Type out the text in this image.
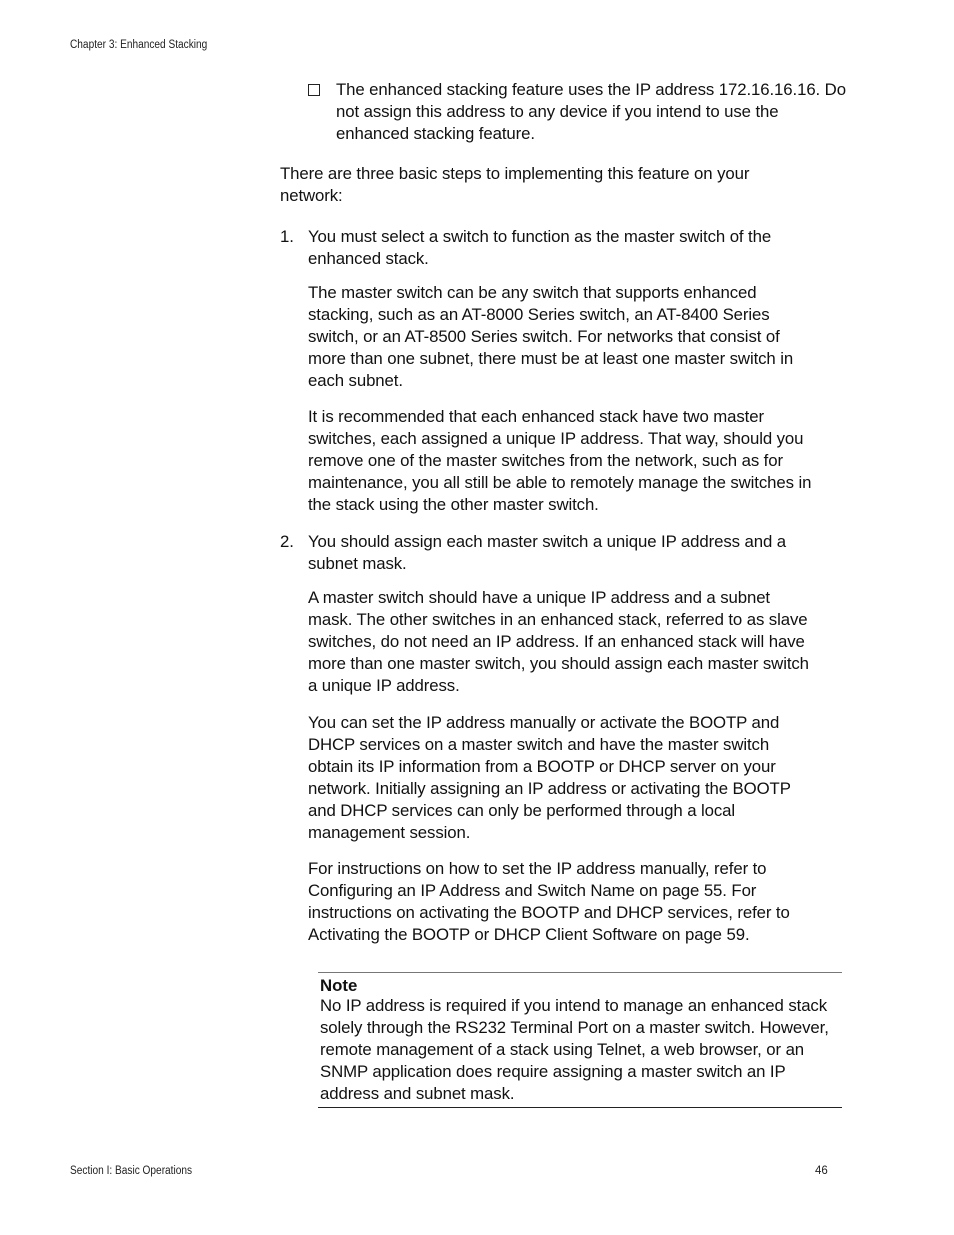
Chapter 3: Enhanced Stacking
The enhanced stacking feature uses the IP address 172.16.16.16. Do not assign this address to any device if you intend to use the enhanced stacking feature.
There are three basic steps to implementing this feature on your network:
1. You must select a switch to function as the master switch of the enhanced stack.
The master switch can be any switch that supports enhanced stacking, such as an AT-8000 Series switch, an AT-8400 Series switch, or an AT-8500 Series switch. For networks that consist of more than one subnet, there must be at least one master switch in each subnet.
It is recommended that each enhanced stack have two master switches, each assigned a unique IP address. That way, should you remove one of the master switches from the network, such as for maintenance, you all still be able to remotely manage the switches in the stack using the other master switch.
2. You should assign each master switch a unique IP address and a subnet mask.
A master switch should have a unique IP address and a subnet mask. The other switches in an enhanced stack, referred to as slave switches, do not need an IP address. If an enhanced stack will have more than one master switch, you should assign each master switch a unique IP address.
You can set the IP address manually or activate the BOOTP and DHCP services on a master switch and have the master switch obtain its IP information from a BOOTP or DHCP server on your network. Initially assigning an IP address or activating the BOOTP and DHCP services can only be performed through a local management session.
For instructions on how to set the IP address manually, refer to Configuring an IP Address and Switch Name on page 55. For instructions on activating the BOOTP and DHCP services, refer to Activating the BOOTP or DHCP Client Software on page 59.
Note
No IP address is required if you intend to manage an enhanced stack solely through the RS232 Terminal Port on a master switch. However, remote management of a stack using Telnet, a web browser, or an SNMP application does require assigning a master switch an IP address and subnet mask.
Section I: Basic Operations	46
